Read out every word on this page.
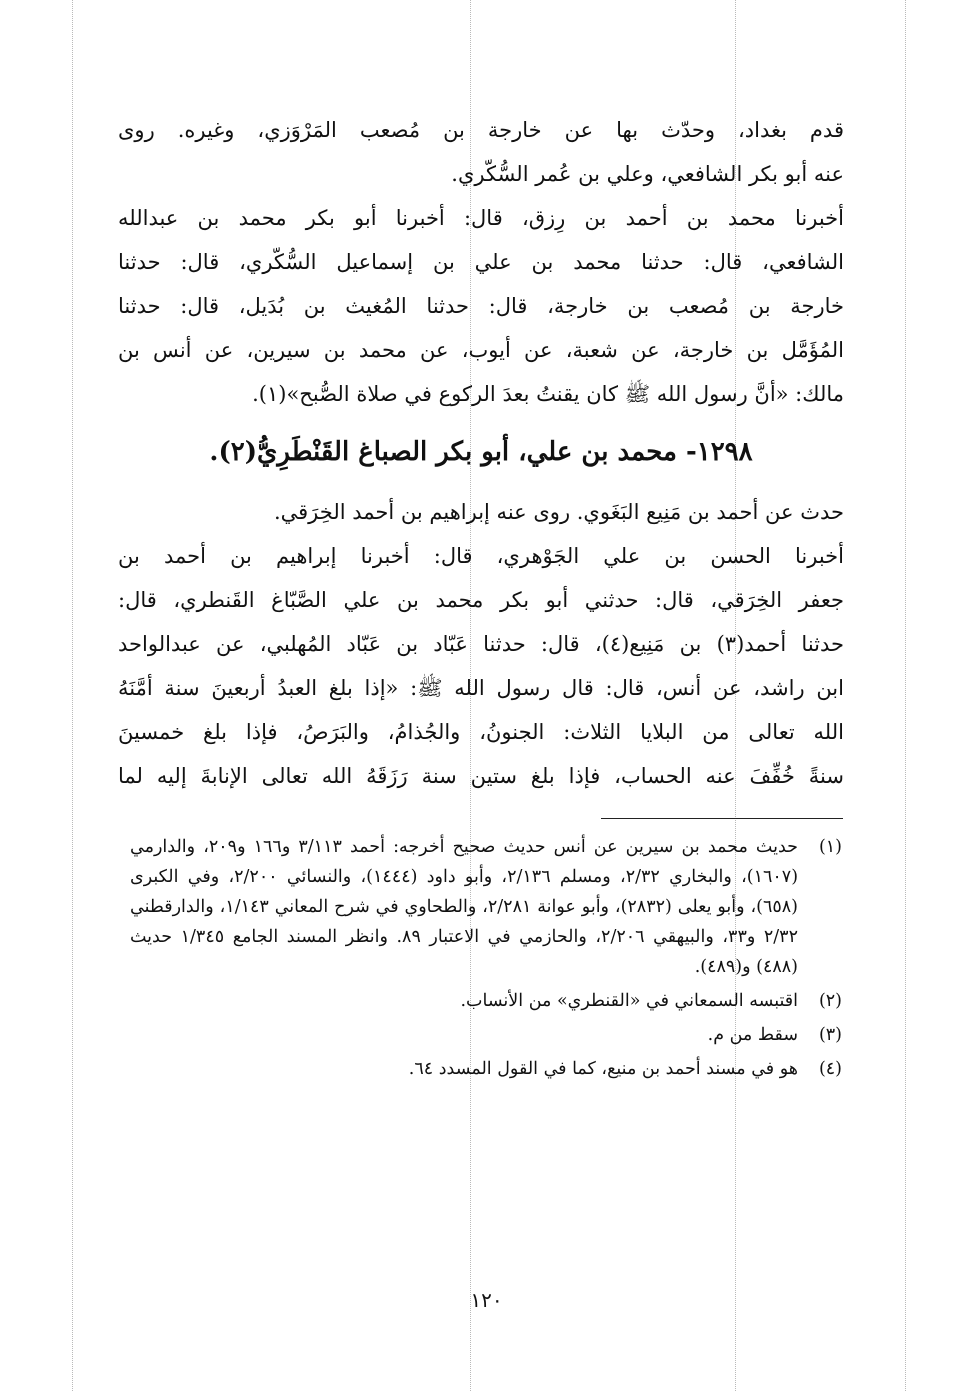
قدم بغداد، وحدّث بها عن خارجة بن مُصعب المَرْوَزي، وغيره. روى
عنه أبو بكر الشافعي، وعلي بن عُمر السُّكّري.

أخبرنا محمد بن أحمد بن رِزق، قال: أخبرنا أبو بكر محمد بن عبدالله
الشافعي، قال: حدثنا محمد بن علي بن إسماعيل السُّكّري، قال: حدثنا
خارجة بن مُصعب بن خارجة، قال: حدثنا المُغيث بن بُدَيل، قال: حدثنا
المُؤَمَّل بن خارجة، عن شعبة، عن أيوب، عن محمد بن سيرين، عن أنس بن
مالك: «أنَّ رسول الله ﷺ كان يقنتُ بعدَ الركوع في صلاة الصُّبح»(١).

١٢٩٨- محمد بن علي، أبو بكر الصباغ القَنْطَرِيُّ(٢).

حدث عن أحمد بن مَنِيع البَغَوي. روى عنه إبراهيم بن أحمد الخِرَقي.

أخبرنا الحسن بن علي الجَوْهري، قال: أخبرنا إبراهيم بن أحمد بن
جعفر الخِرَقي، قال: حدثني أبو بكر محمد بن علي الصَّبّاغ القَنطري، قال:
حدثنا أحمد(٣) بن مَنِيع(٤)، قال: حدثنا عَبّاد بن عَبّاد المُهلبي، عن عبدالواحد
ابن راشد، عن أنس، قال: قال رسول الله ﷺ: «إذا بلغ العبدُ أربعينَ سنة أمَّنَهُ
الله تعالى من البلايا الثلاث: الجنونُ، والجُذامُ، والبَرَصُ، فإذا بلغ خمسينَ
سنةً خُفِّفَ عنه الحساب، فإذا بلغ ستين سنة رَزَقَهُ الله تعالى الإنابةَ إليه لما

(١)
حديث محمد بن سيرين عن أنس حديث صحيح أخرجه: أحمد ٣/١١٣ و١٦٦ و٢٠٩، والدارمي (١٦٠٧)، والبخاري ٢/٣٢، ومسلم ٢/١٣٦، وأبو داود (١٤٤٤)، والنسائي ٢/٢٠٠، وفي الكبرى (٦٥٨)، وأبو يعلى (٢٨٣٢)، وأبو عوانة ٢/٢٨١، والطحاوي في شرح المعاني ١/١٤٣، والدارقطني ٢/٣٢ و٣٣، والبيهقي ٢/٢٠٦، والحازمي في الاعتبار ٨٩. وانظر المسند الجامع ١/٣٤٥ حديث (٤٨٨) و(٤٨٩).
(٢)
اقتبسه السمعاني في «القنطري» من الأنساب.
(٣)
سقط من م.
(٤)
هو في مسند أحمد بن منيع، كما في القول المسدد ٦٤.
١٢٠
